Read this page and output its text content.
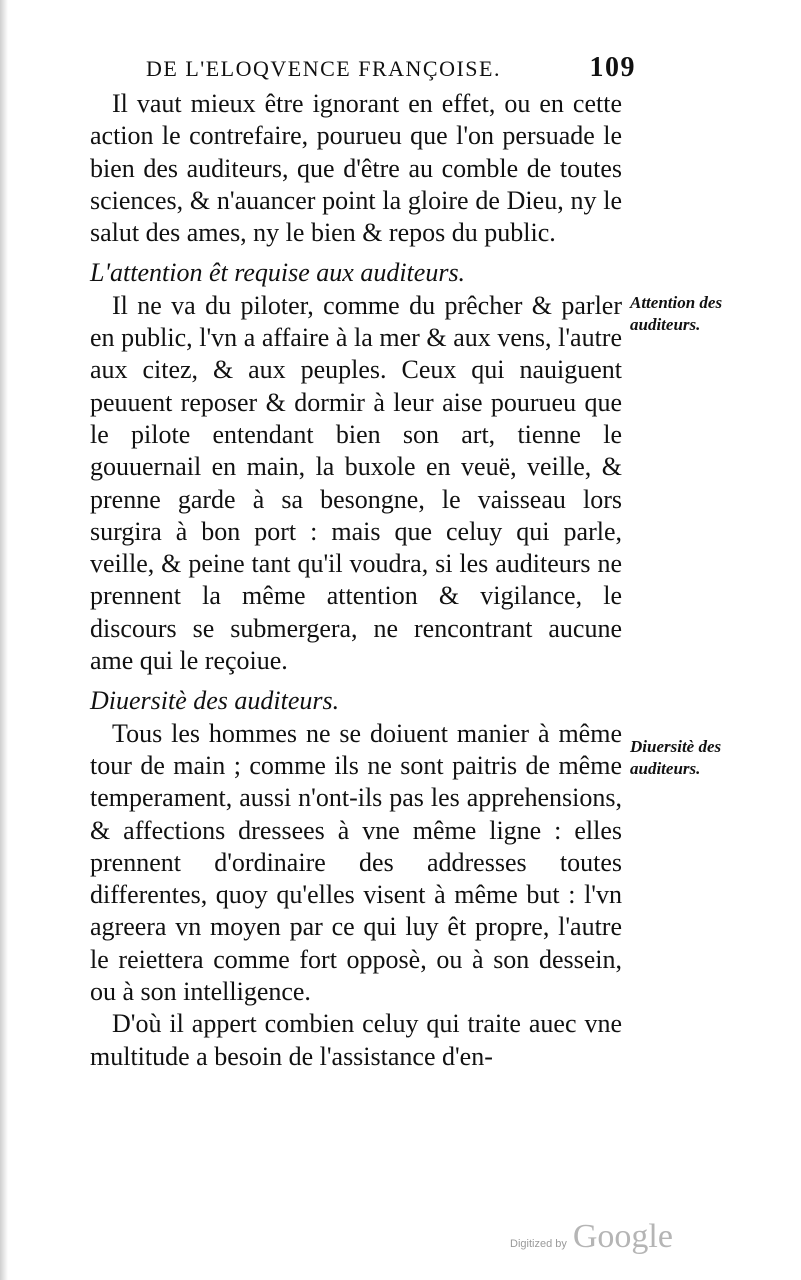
DE L'ELOQVENCE FRANÇOISE.	109

Il vaut mieux être ignorant en effet, ou en cette action le contrefaire, pourueu que l'on persuade le bien des auditeurs, que d'être au comble de toutes sciences, & n'auancer point la gloire de Dieu, ny le salut des ames, ny le bien & repos du public.

L'attention êt requise aux auditeurs.

Il ne va du piloter, comme du prêcher & parler en public, l'vn a affaire à la mer & aux vens, l'autre aux citez, & aux peuples. Ceux qui nauiguent peuuent reposer & dormir à leur aise pourueu que le pilote entendant bien son art, tienne le gouuernail en main, la buxole en veuë, veille, & prenne garde à sa besongne, le vaisseau lors surgira à bon port : mais que celuy qui parle, veille, & peine tant qu'il voudra, si les auditeurs ne prennent la même attention & vigilance, le discours se submergera, ne rencontrant aucune ame qui le reçoiue.

Diuersitè des auditeurs.

Tous les hommes ne se doiuent manier à même tour de main ; comme ils ne sont paitris de même temperament, aussi n'ont-ils pas les apprehensions, & affections dressees à vne même ligne : elles prennent d'ordinaire des addresses toutes differentes, quoy qu'elles visent à même but : l'vn agreera vn moyen par ce qui luy êt propre, l'autre le reiettera comme fort opposè, ou à son dessein, ou à son intelligence.

D'où il appert combien celuy qui traite auec vne multitude a besoin de l'assistance d'en-

Attention des auditeurs.
Diuersitè des auditeurs.
Digitized by Google
